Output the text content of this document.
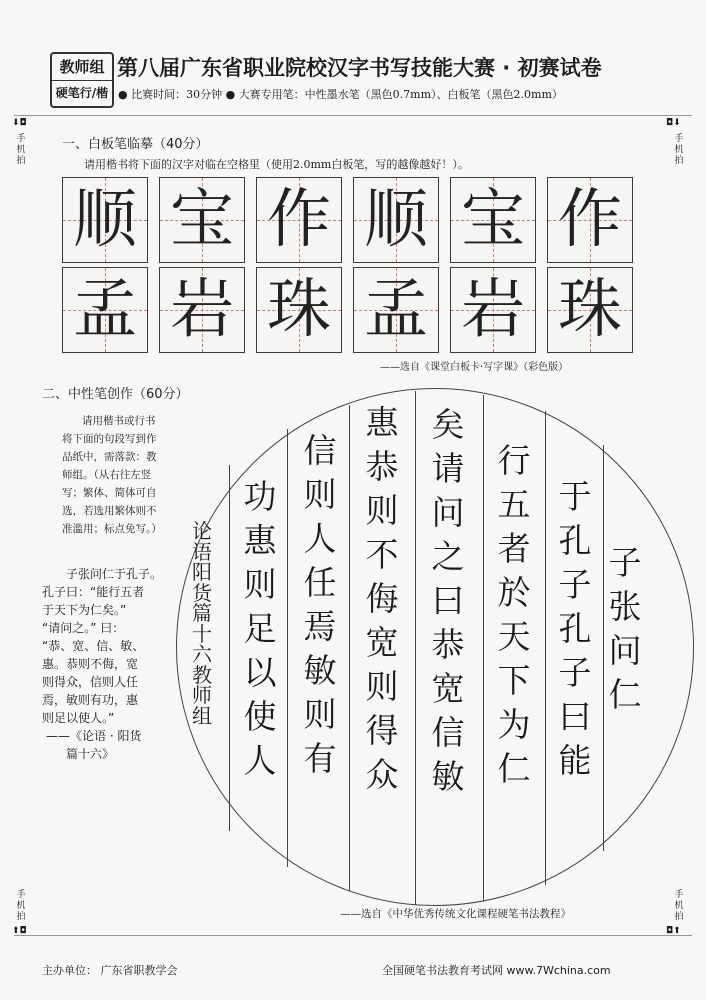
教师组
硬笔行/楷
第八届广东省职业院校汉字书写技能大赛 · 初赛试卷
● 比赛时间：30分钟 ● 大赛专用笔：中性墨水笔（黑色0.7mm）、白板笔（黑色2.0mm）
⬇◘	◘⬇
⬆◘	◘⬆
手
机
拍
手
机
拍
手
机
拍
手
机
拍
一、白板笔临摹（40分）
请用楷书将下面的汉字对临在空格里（使用2.0mm白板笔，写的越像越好！）。
顺 宝 作 顺 宝 作
孟 岩 珠 孟 岩 珠
——选自《课堂白板卡·写字课》（彩色版）
二、中性笔创作（60分）
请用楷书或行书
将下面的句段写到作
品纸中，需落款：教
师组。（从右往左竖
写；繁体、简体可自
选，若选用繁体则不
准滥用；标点免写。）
子张问仁于孔子。
孔子曰：“能行五者
于天下为仁矣。”
“请问之。” 曰：
“恭、宽、信、敏、
惠。恭则不侮，宽
则得众，信则人任
焉，敏则有功，惠
则足以使人。”
——《论语 · 阳货
篇十六》
论
语
阳
货
篇
十
六
教
师
组
子
张
问
仁
于
孔
子
孔
子
曰
能
行
五
者
於
天
下
为
仁
矣
请
问
之
曰
恭
宽
信
敏
惠
恭
则
不
侮
宽
则
得
众
信
则
人
任
焉
敏
则
有
功
惠
则
足
以
使
人
——选自《中华优秀传统文化课程硬笔书法教程》
主办单位： 广东省职教学会	全国硬笔书法教育考试网 www.7Wchina.com
